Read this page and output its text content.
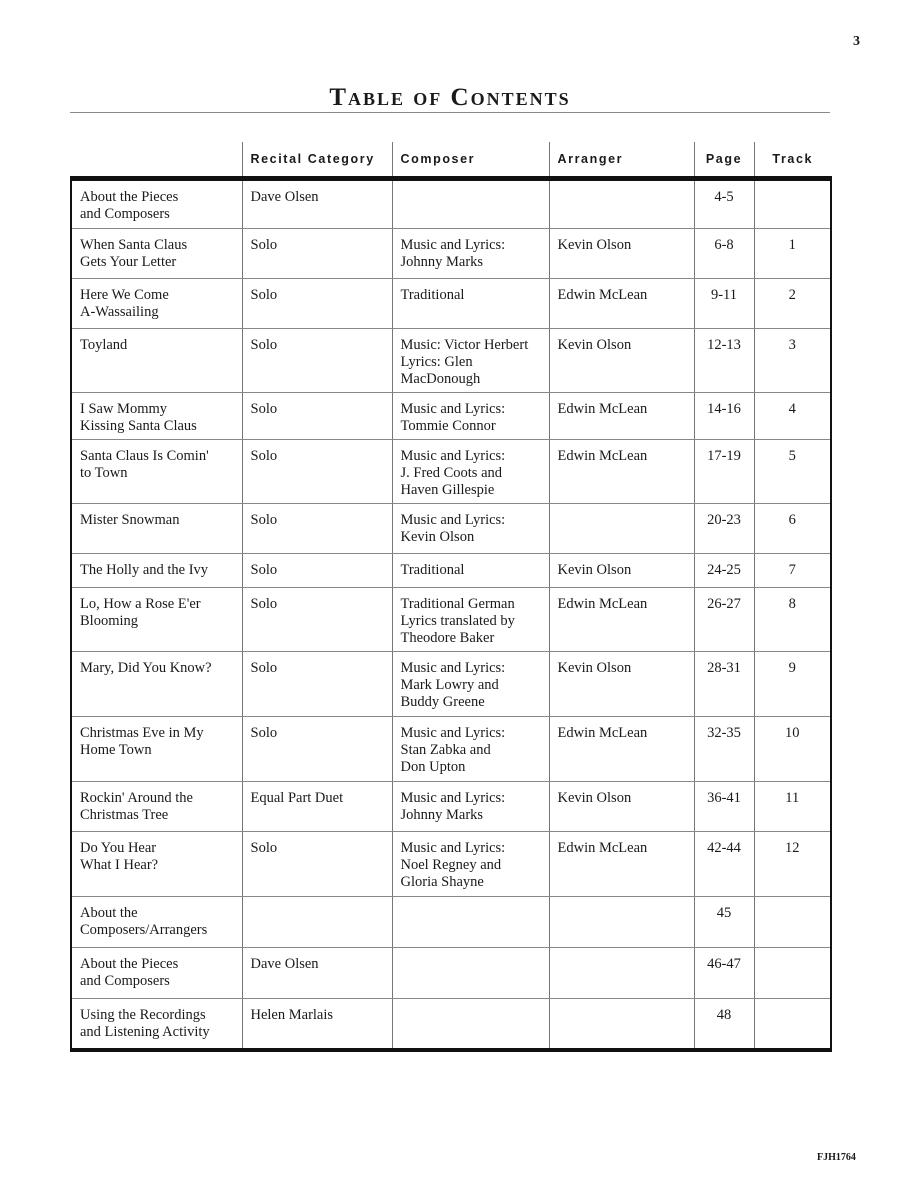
3
Table of Contents
	Recital Category	Composer	Arranger	Page	Track
About the Pieces
and Composers	Dave Olsen			4-5	
When Santa Claus
Gets Your Letter	Solo	Music and Lyrics:
Johnny Marks	Kevin Olson	6-8	1
Here We Come
A-Wassailing	Solo	Traditional	Edwin McLean	9-11	2
Toyland	Solo	Music: Victor Herbert
Lyrics: Glen MacDonough	Kevin Olson	12-13	3
I Saw Mommy
Kissing Santa Claus	Solo	Music and Lyrics:
Tommie Connor	Edwin McLean	14-16	4
Santa Claus Is Comin'
to Town	Solo	Music and Lyrics:
J. Fred Coots and
Haven Gillespie	Edwin McLean	17-19	5
Mister Snowman	Solo	Music and Lyrics:
Kevin Olson		20-23	6
The Holly and the Ivy	Solo	Traditional	Kevin Olson	24-25	7
Lo, How a Rose E'er
Blooming	Solo	Traditional German
Lyrics translated by
Theodore Baker	Edwin McLean	26-27	8
Mary, Did You Know?	Solo	Music and Lyrics:
Mark Lowry and
Buddy Greene	Kevin Olson	28-31	9
Christmas Eve in My
Home Town	Solo	Music and Lyrics:
Stan Zabka and
Don Upton	Edwin McLean	32-35	10
Rockin' Around the
Christmas Tree	Equal Part Duet	Music and Lyrics:
Johnny Marks	Kevin Olson	36-41	11
Do You Hear
What I Hear?	Solo	Music and Lyrics:
Noel Regney and
Gloria Shayne	Edwin McLean	42-44	12
About the
Composers/Arrangers				45	
About the Pieces
and Composers	Dave Olsen			46-47	
Using the Recordings
and Listening Activity	Helen Marlais			48	
FJH1764
